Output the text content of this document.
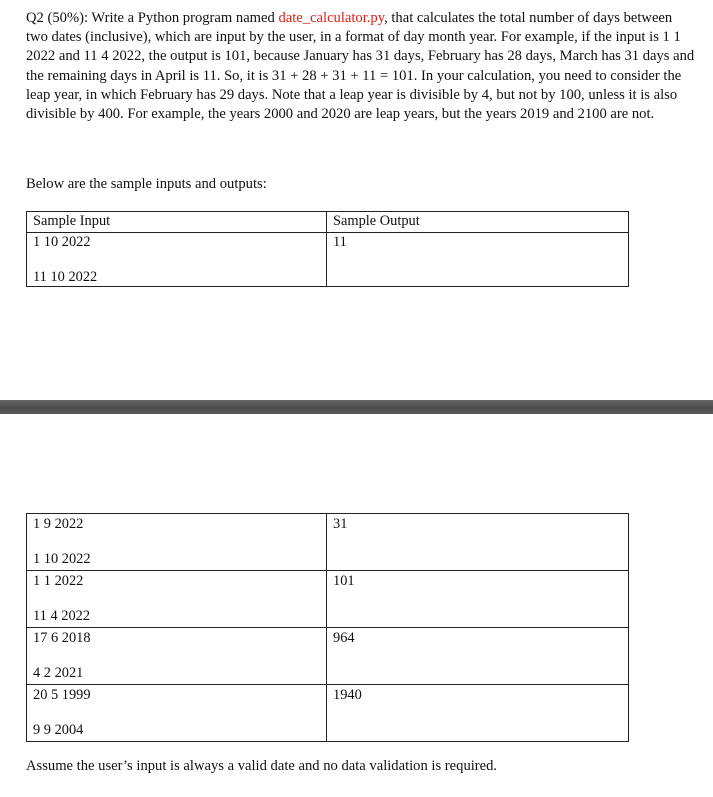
Q2 (50%): Write a Python program named date_calculator.py, that calculates the total number of days between two dates (inclusive), which are input by the user, in a format of day month year. For example, if the input is 1 1 2022 and 11 4 2022, the output is 101, because January has 31 days, February has 28 days, March has 31 days and the remaining days in April is 11. So, it is 31 + 28 + 31 + 11 = 101. In your calculation, you need to consider the leap year, in which February has 29 days. Note that a leap year is divisible by 4, but not by 100, unless it is also divisible by 400. For example, the years 2000 and 2020 are leap years, but the years 2019 and 2100 are not.

Below are the sample inputs and outputs:

Sample Input	Sample Output

1 10 2022
11 10 2022	11
1 9 2022
1 10 2022	31

1 1 2022
11 4 2022	101

17 6 2018
4 2 2021	964

20 5 1999
9 9 2004	1940

Assume the user’s input is always a valid date and no data validation is required.
